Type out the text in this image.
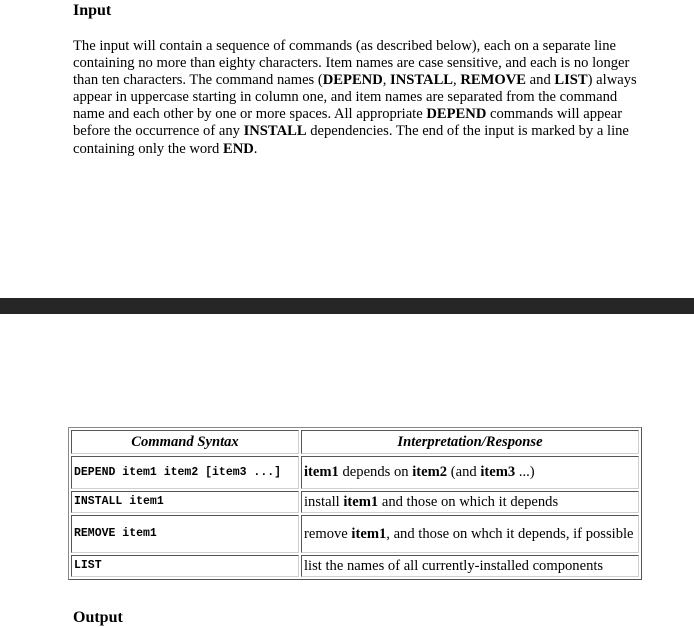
Input

The input will contain a sequence of commands (as described below), each on a separate line containing no more than eighty characters. Item names are case sensitive, and each is no longer than ten characters. The command names (DEPEND, INSTALL, REMOVE and LIST) always appear in uppercase starting in column one, and item names are separated from the command name and each other by one or more spaces. All appropriate DEPEND commands will appear before the occurrence of any INSTALL dependencies. The end of the input is marked by a line containing only the word END.

Command Syntax	Interpretation/Response
DEPEND item1 item2 [item3 ...]	item1 depends on item2 (and item3 ...)
INSTALL item1	install item1 and those on which it depends
REMOVE item1	remove item1, and those on whch it depends, if possible
LIST	list the names of all currently-installed components
Output
